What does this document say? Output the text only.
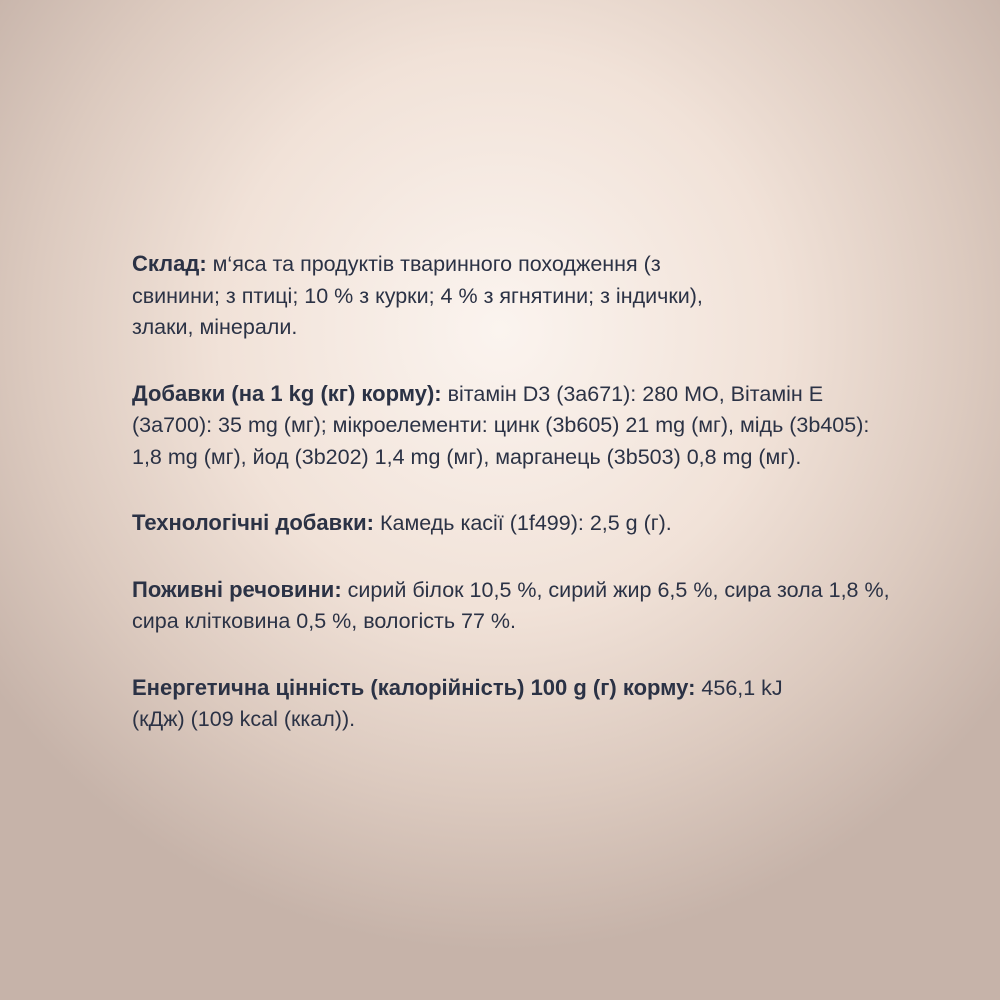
Склад: м‘яса та продуктів тваринного походження (з свинини; з птиці; 10 % з курки; 4 % з ягнятини; з індички), злаки, мінерали.

Добавки (на 1 kg (кг) корму): вітамін D3 (3a671): 280 МО, Вітамін E (3a700): 35 mg (мг); мікроелементи: цинк (3b605) 21 mg (мг), мідь (3b405): 1,8 mg (мг), йод (3b202) 1,4 mg (мг), марганець (3b503) 0,8 mg (мг).

Технологічні добавки: Камедь касії (1f499): 2,5 g (г).

Поживні речовини: сирий білок 10,5 %, сирий жир 6,5 %, сира зола 1,8 %, сира клітковина 0,5 %, вологість 77 %.

Енергетична цінність (калорійність) 100 g (г) корму: 456,1 kJ (кДж) (109 kcal (ккал)).
